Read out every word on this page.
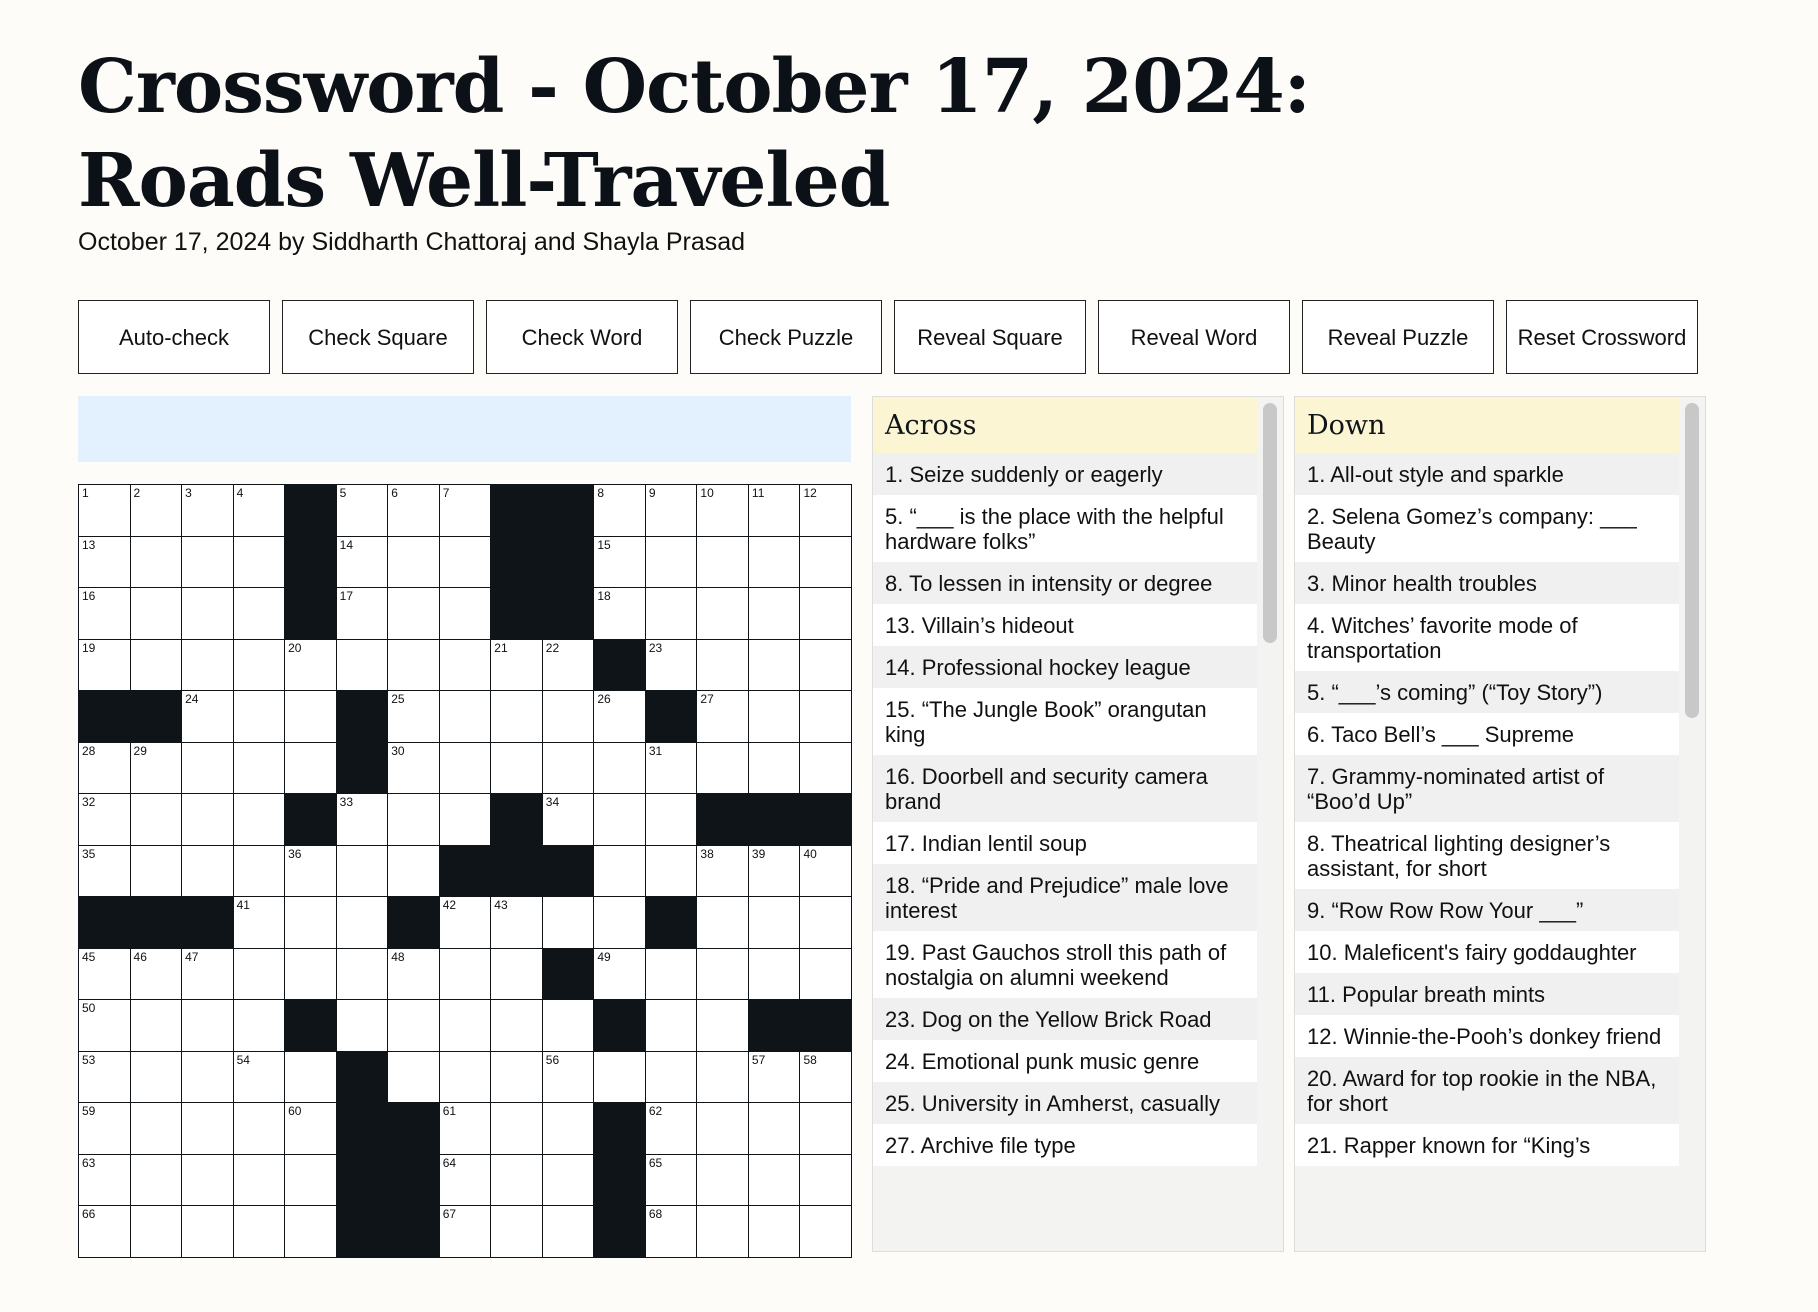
Crossword - October 17, 2024: Roads Well-Traveled
October 17, 2024 by Siddharth Chattoraj and Shayla Prasad
Auto-check	Check Square	Check Word	Check Puzzle	Reveal Square	Reveal Word	Reveal Puzzle	Reset Crossword
1	2	3	4	5	6	7	8	9	10	11	12
13	14	15
16	17	18
19	20	21	22	23
24	25	26	27
28	29	30	31
32	33	34
35	36	38	39	40
41	42	43
45	46	47	48	49
50
53	54	56	57	58
59	60	61	62
63	64	65
66	67	68
Across
1. Seize suddenly or eagerly
5. “___ is the place with the helpful hardware folks”
8. To lessen in intensity or degree
13. Villain’s hideout
14. Professional hockey league
15. “The Jungle Book” orangutan king
16. Doorbell and security camera brand
17. Indian lentil soup
18. “Pride and Prejudice” male love interest
19. Past Gauchos stroll this path of nostalgia on alumni weekend
23. Dog on the Yellow Brick Road
24. Emotional punk music genre
25. University in Amherst, casually
27. Archive file type
Down
1. All-out style and sparkle
2. Selena Gomez’s company: ___ Beauty
3. Minor health troubles
4. Witches’ favorite mode of transportation
5. “___’s coming” (“Toy Story”)
6. Taco Bell’s ___ Supreme
7. Grammy-nominated artist of “Boo’d Up”
8. Theatrical lighting designer’s assistant, for short
9. “Row Row Row Your ___”
10. Maleficent's fairy goddaughter
11. Popular breath mints
12. Winnie-the-Pooh’s donkey friend
20. Award for top rookie in the NBA, for short
21. Rapper known for “King’s
